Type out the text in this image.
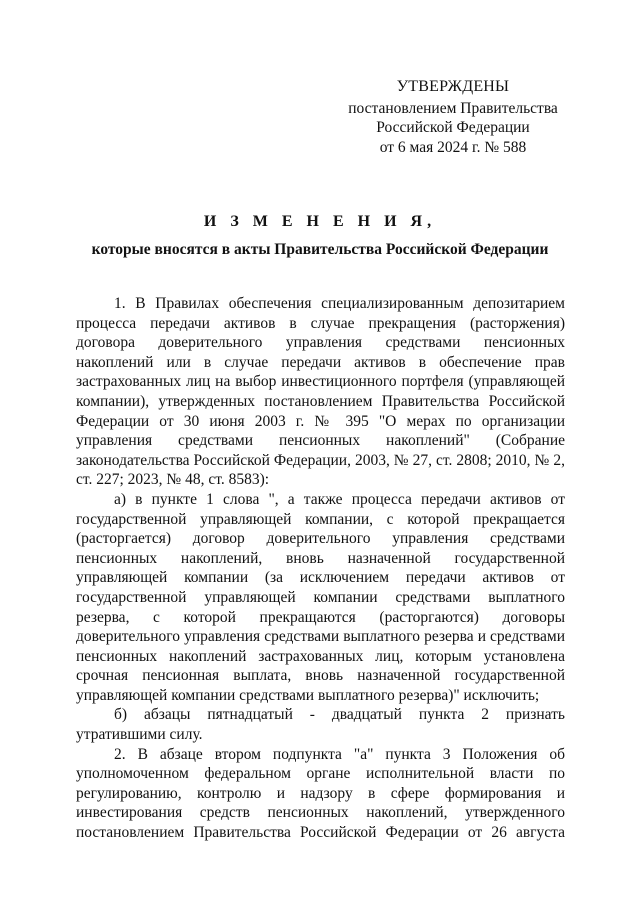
УТВЕРЖДЕНЫ
постановлением Правительства
Российской Федерации
от 6 мая 2024 г. № 588
И З М Е Н Е Н И Я,
которые вносятся в акты Правительства Российской Федерации

1. В Правилах обеспечения специализированным депозитарием процесса передачи активов в случае прекращения (расторжения) договора доверительного управления средствами пенсионных накоплений или в случае передачи активов в обеспечение прав застрахованных лиц на выбор инвестиционного портфеля (управляющей компании), утвержденных постановлением Правительства Российской Федерации от 30 июня 2003 г. № 395 "О мерах по организации управления средствами пенсионных накоплений" (Собрание законодательства Российской Федерации, 2003, № 27, ст. 2808; 2010, № 2, ст. 227; 2023, № 48, ст. 8583):

а) в пункте 1 слова ", а также процесса передачи активов от государственной управляющей компании, с которой прекращается (расторгается) договор доверительного управления средствами пенсионных накоплений, вновь назначенной государственной управляющей компании (за исключением передачи активов от государственной управляющей компании средствами выплатного резерва, с которой прекращаются (расторгаются) договоры доверительного управления средствами выплатного резерва и средствами пенсионных накоплений застрахованных лиц, которым установлена срочная пенсионная выплата, вновь назначенной государственной управляющей компании средствами выплатного резерва)" исключить;

б) абзацы пятнадцатый - двадцатый пункта 2 признать утратившими силу.

2. В абзаце втором подпункта "а" пункта 3 Положения об уполномоченном федеральном органе исполнительной власти по регулированию, контролю и надзору в сфере формирования и инвестирования средств пенсионных накоплений, утвержденного постановлением Правительства Российской Федерации от 26 августа
